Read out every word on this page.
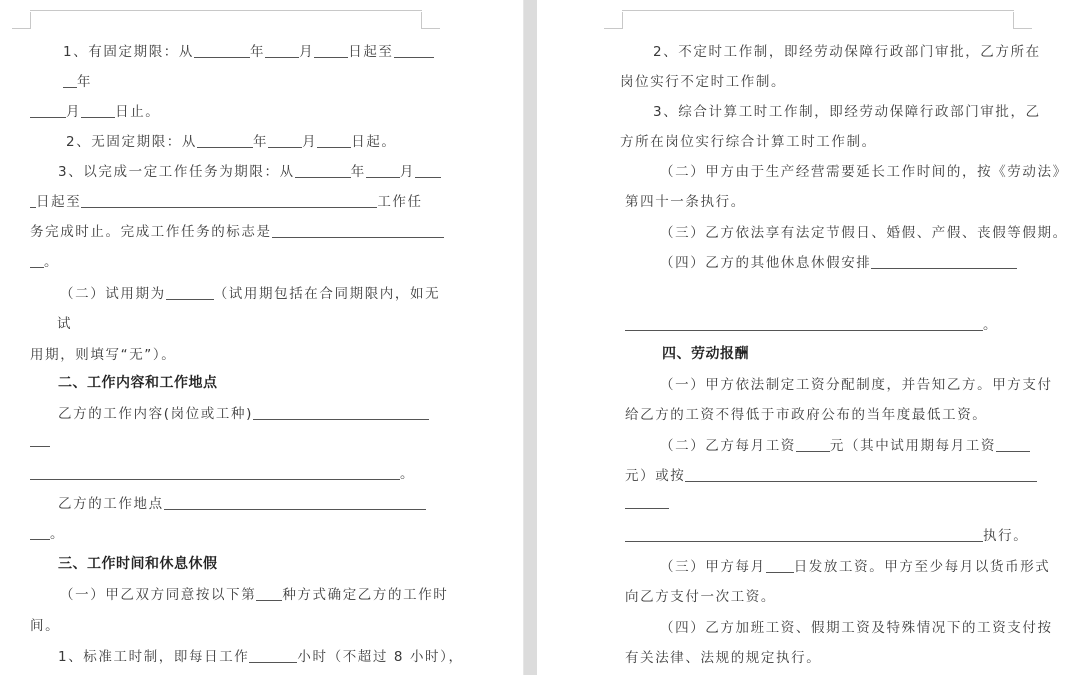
1、有固定期限：从	年	月	日起至
年
月	日止。
2、无固定期限：从	年	月	日起。
3、以完成一定工作任务为期限：从	年	月
日起至	工作任
务完成时止。完成工作任务的标志是
。
（二）试用期为	（试用期包括在合同期限内，如无
试
用期，则填写“无”）。
二、工作内容和工作地点
乙方的工作内容(岗位或工种)
。
乙方的工作地点
。
三、工作时间和休息休假
（一）甲乙双方同意按以下第 种方式确定乙方的工作时
间。
1、标准工时制，即每日工作	小时（不超过 8 小时），
2、不定时工作制，即经劳动保障行政部门审批，乙方所在
岗位实行不定时工作制。
3、综合计算工时工作制，即经劳动保障行政部门审批，乙
方所在岗位实行综合计算工时工作制。
（二）甲方由于生产经营需要延长工作时间的，按《劳动法》
第四十一条执行。
（三）乙方依法享有法定节假日、婚假、产假、丧假等假期。
（四）乙方的其他休息休假安排
。
四、劳动报酬
（一）甲方依法制定工资分配制度，并告知乙方。甲方支付
给乙方的工资不得低于市政府公布的当年度最低工资。
（二）乙方每月工资	元（其中试用期每月工资
元）或按
执行。
（三）甲方每月 日发放工资。甲方至少每月以货币形式
向乙方支付一次工资。
（四）乙方加班工资、假期工资及特殊情况下的工资支付按
有关法律、法规的规定执行。
